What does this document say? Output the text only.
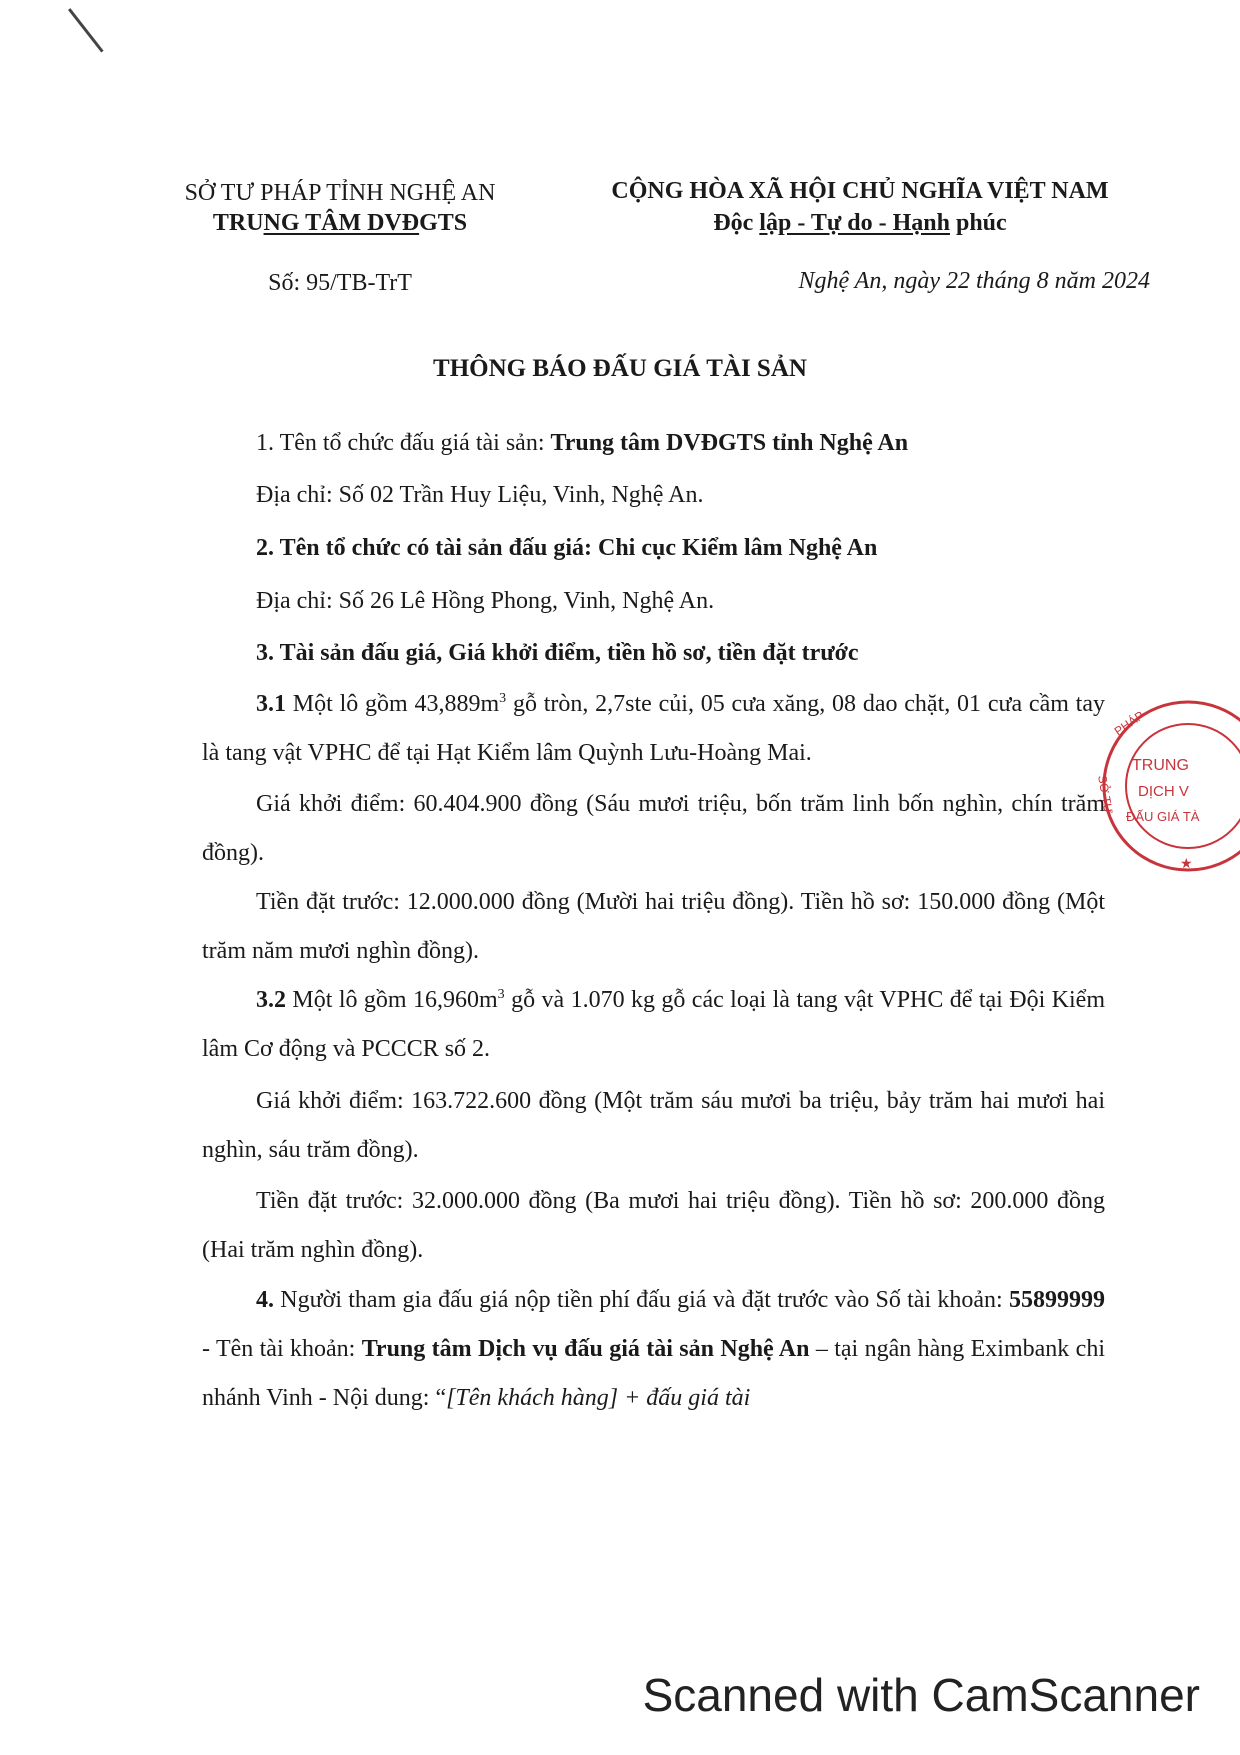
SỞ TƯ PHÁP TỈNH NGHỆ AN
TRUNG TÂM DVĐGTS
Số: 95/TB-TrT
CỘNG HÒA XÃ HỘI CHỦ NGHĨA VIỆT NAM
Độc lập - Tự do - Hạnh phúc
Nghệ An, ngày 22 tháng 8 năm 2024
THÔNG BÁO ĐẤU GIÁ TÀI SẢN
1. Tên tổ chức đấu giá tài sản: Trung tâm DVĐGTS tỉnh Nghệ An
Địa chỉ: Số 02 Trần Huy Liệu, Vinh, Nghệ An.
2. Tên tổ chức có tài sản đấu giá: Chi cục Kiểm lâm Nghệ An
Địa chỉ: Số 26 Lê Hồng Phong, Vinh, Nghệ An.
3. Tài sản đấu giá, Giá khởi điểm, tiền hồ sơ, tiền đặt trước
3.1 Một lô gồm $43,889m^3$ gỗ tròn, 2,7ste củi, 05 cưa xăng, 08 dao chặt, 01 cưa cầm tay là tang vật VPHC để tại Hạt Kiểm lâm Quỳnh Lưu-Hoàng Mai.
Giá khởi điểm: 60.404.900 đồng (Sáu mươi triệu, bốn trăm linh bốn nghìn, chín trăm đồng).
Tiền đặt trước: 12.000.000 đồng (Mười hai triệu đồng). Tiền hồ sơ: 150.000 đồng (Một trăm năm mươi nghìn đồng).
3.2 Một lô gồm $16,960m^3$ gỗ và 1.070 kg gỗ các loại là tang vật VPHC để tại Đội Kiểm lâm Cơ động và PCCCR số 2.
Giá khởi điểm: 163.722.600 đồng (Một trăm sáu mươi ba triệu, bảy trăm hai mươi hai nghìn, sáu trăm đồng).
Tiền đặt trước: 32.000.000 đồng (Ba mươi hai triệu đồng). Tiền hồ sơ: 200.000 đồng (Hai trăm nghìn đồng).
4. Người tham gia đấu giá nộp tiền phí đấu giá và đặt trước vào Số tài khoản: 55899999 - Tên tài khoản: Trung tâm Dịch vụ đấu giá tài sản Nghệ An – tại ngân hàng Eximbank chi nhánh Vinh - Nội dung: “[Tên khách hàng] + đấu giá tài
PHÁP
SỞ TƯ
TRUNG
DỊCH V
ĐẤU GIÁ TÀ
★
Scanned with CamScanner
